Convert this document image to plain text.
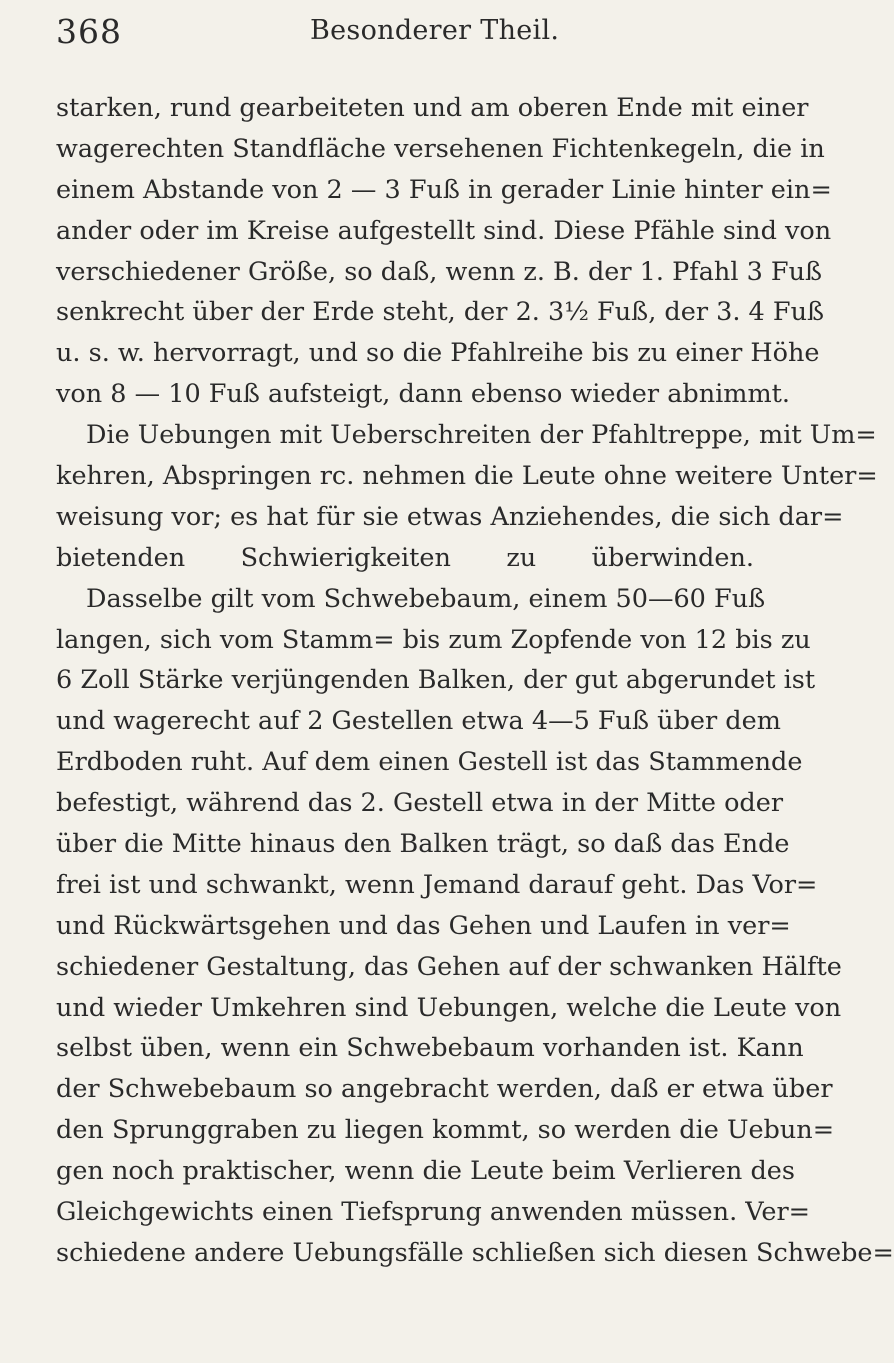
368	Besonderer Theil.
starken, rund gearbeiteten und am oberen Ende mit einer
wagerechten Standfläche versehenen Fichtenkegeln, die in
einem Abstande von 2 — 3 Fuß in gerader Linie hinter ein=
ander oder im Kreise aufgestellt sind. Diese Pfähle sind von
verschiedener Größe, so daß, wenn z. B. der 1. Pfahl 3 Fuß
senkrecht über der Erde steht, der 2. 3½ Fuß, der 3. 4 Fuß
u. s. w. hervorragt, und so die Pfahlreihe bis zu einer Höhe
von 8 — 10 Fuß aufsteigt, dann ebenso wieder abnimmt.
Die Uebungen mit Ueberschreiten der Pfahltreppe, mit Um=
kehren, Abspringen rc. nehmen die Leute ohne weitere Unter=
weisung vor; es hat für sie etwas Anziehendes, die sich dar=
bietenden Schwierigkeiten zu überwinden.
Dasselbe gilt vom Schwebebaum, einem 50—60 Fuß
langen, sich vom Stamm= bis zum Zopfende von 12 bis zu
6 Zoll Stärke verjüngenden Balken, der gut abgerundet ist
und wagerecht auf 2 Gestellen etwa 4—5 Fuß über dem
Erdboden ruht. Auf dem einen Gestell ist das Stammende
befestigt, während das 2. Gestell etwa in der Mitte oder
über die Mitte hinaus den Balken trägt, so daß das Ende
frei ist und schwankt, wenn Jemand darauf geht. Das Vor=
und Rückwärtsgehen und das Gehen und Laufen in ver=
schiedener Gestaltung, das Gehen auf der schwanken Hälfte
und wieder Umkehren sind Uebungen, welche die Leute von
selbst üben, wenn ein Schwebebaum vorhanden ist. Kann
der Schwebebaum so angebracht werden, daß er etwa über
den Sprunggraben zu liegen kommt, so werden die Uebun=
gen noch praktischer, wenn die Leute beim Verlieren des
Gleichgewichts einen Tiefsprung anwenden müssen. Ver=
schiedene andere Uebungsfälle schließen sich diesen Schwebe=
